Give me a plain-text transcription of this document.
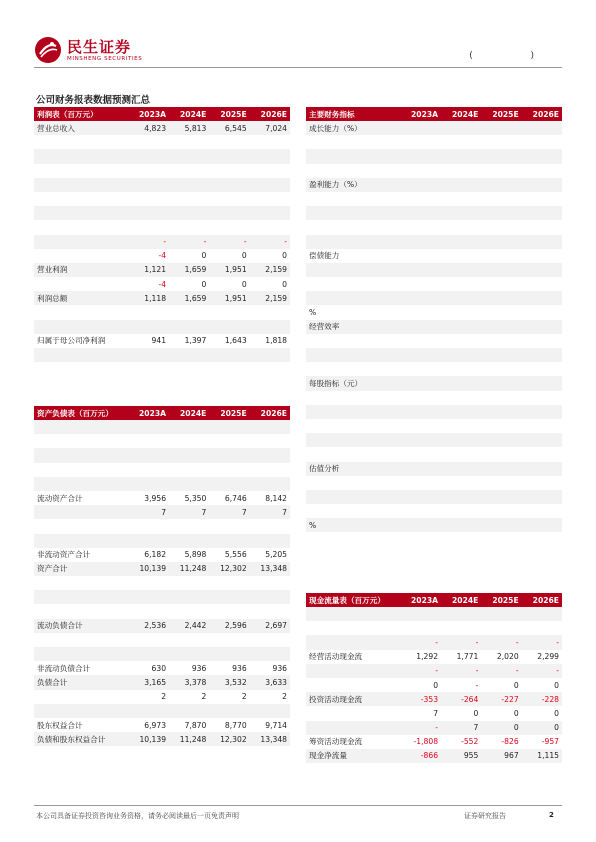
民生证券
MINSHENG SECURITIES	(	)
公司财务报表数据预测汇总
利润表（百万元）	2023A	2024E	2025E	2026E
营业总收入	4,823	5,813	6,545	7,024

	-	-	-	-
	-4	0	0	0
营业利润	1,121	1,659	1,951	2,159
	-4	0	0	0
利润总额	1,118	1,659	1,951	2,159

归属于母公司净利润	941	1,397	1,643	1,818

资产负债表（百万元）	2023A	2024E	2025E	2026E

流动资产合计	3,956	5,350	6,746	8,142
	7	7	7	7

非流动资产合计	6,182	5,898	5,556	5,205
资产合计	10,139	11,248	12,302	13,348

流动负债合计	2,536	2,442	2,596	2,697

非流动负债合计	630	936	936	936
负债合计	3,165	3,378	3,532	3,633
	2	2	2	2

股东权益合计	6,973	7,870	8,770	9,714
负债和股东权益合计	10,139	11,248	12,302	13,348
主要财务指标	2023A	2024E	2025E	2026E
成长能力（%）				

盈利能力（%）				

偿债能力				

%				
经营效率				

每股指标（元）				

估值分析				

%				
现金流量表（百万元）	2023A	2024E	2025E	2026E

	-	-	-	-
经营活动现金流	1,292	1,771	2,020	2,299
	-	-	-	-
	0	-	0	0
投资活动现金流	-353	-264	-227	-228
	7	0	0	0
	-	7	0	0
筹资活动现金流	-1,808	-552	-826	-957
现金净流量	-866	955	967	1,115
本公司具备证券投资咨询业务资格，请务必阅读最后一页免责声明	证券研究报告	2
